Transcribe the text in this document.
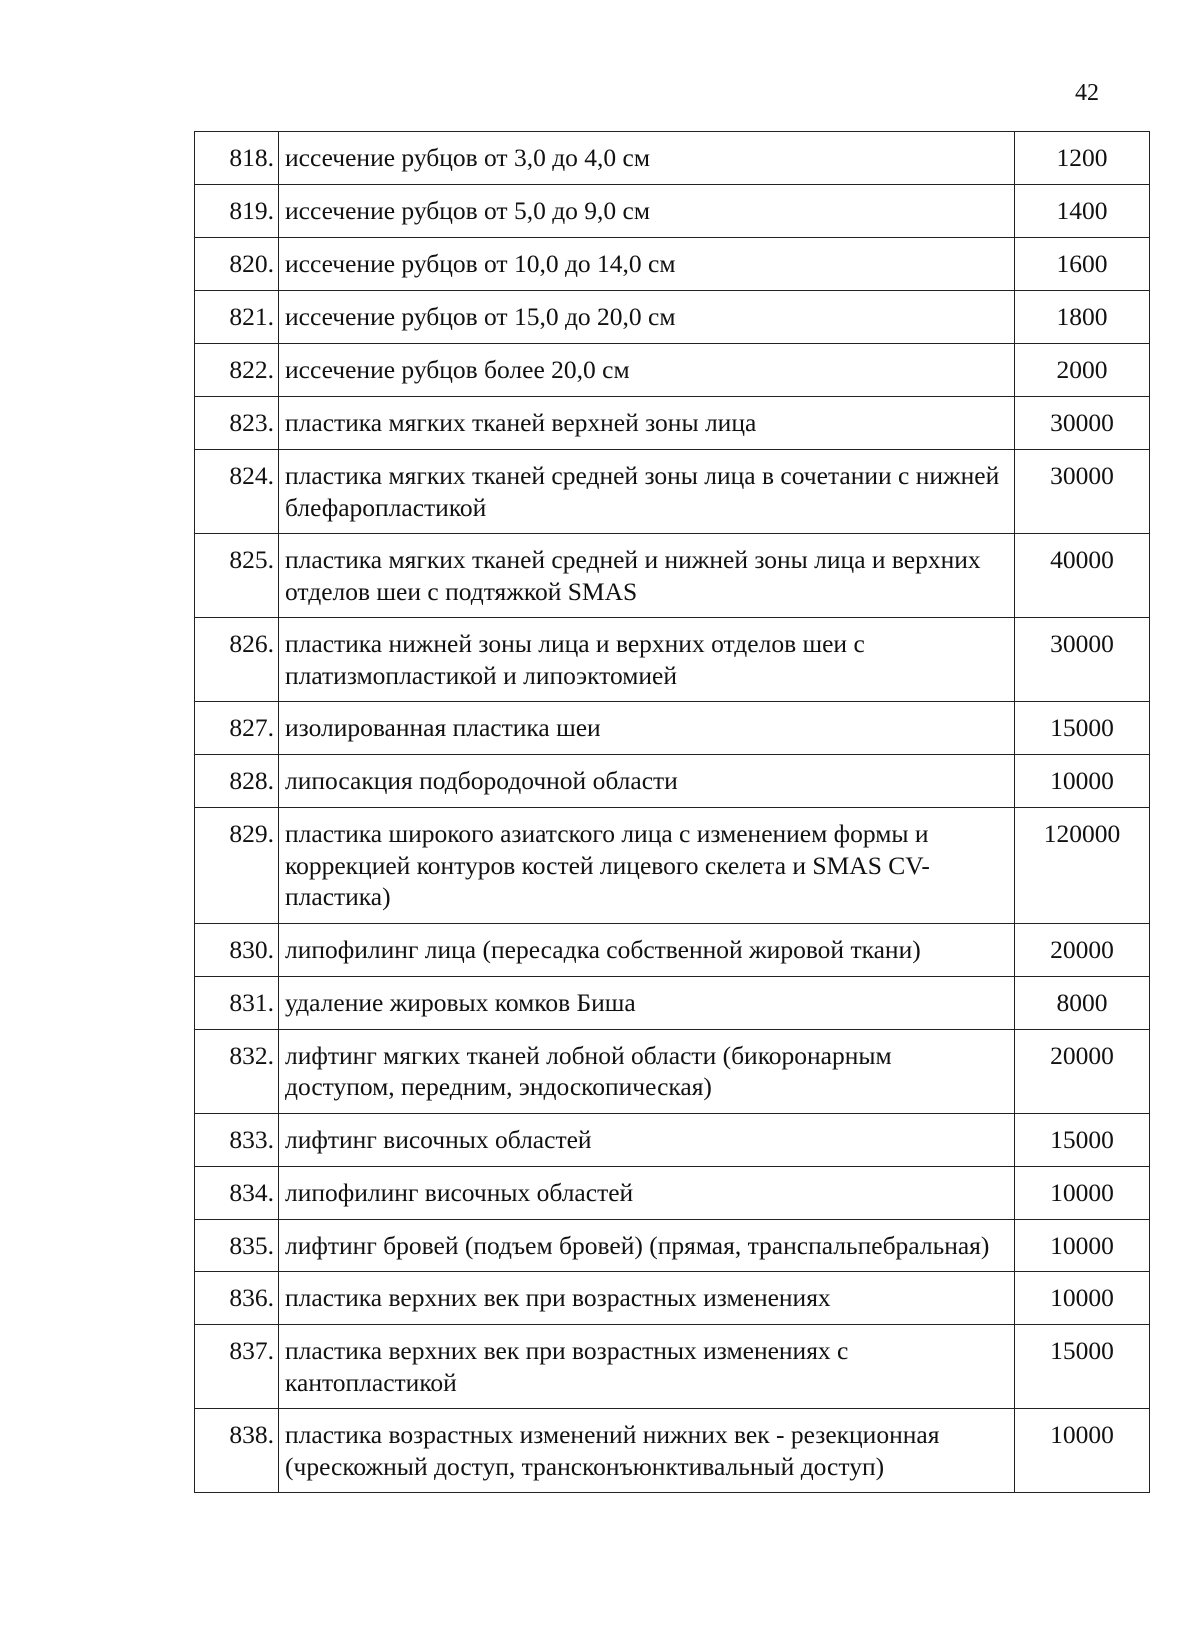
42
818.	иссечение рубцов от 3,0 до 4,0 см	1200
819.	иссечение рубцов от 5,0 до 9,0 см	1400
820.	иссечение рубцов от 10,0 до 14,0 см	1600
821.	иссечение рубцов от 15,0 до 20,0 см	1800
822.	иссечение рубцов более 20,0 см	2000
823.	пластика мягких тканей верхней зоны лица	30000
824.	пластика мягких тканей средней зоны лица в сочетании с нижней блефаропластикой	30000
825.	пластика мягких тканей средней и нижней зоны лица и верхних отделов шеи с подтяжкой SMAS	40000
826.	пластика нижней зоны лица и верхних отделов шеи с платизмопластикой и липоэктомией	30000
827.	изолированная пластика шеи	15000
828.	липосакция подбородочной области	10000
829.	пластика широкого азиатского лица с изменением формы и коррекцией контуров костей лицевого скелета и SMAS CV-пластика)	120000
830.	липофилинг лица (пересадка собственной жировой ткани)	20000
831.	удаление жировых комков Биша	8000
832.	лифтинг мягких тканей лобной области (бикоронарным доступом, передним, эндоскопическая)	20000
833.	лифтинг височных областей	15000
834.	липофилинг височных областей	10000
835.	лифтинг бровей (подъем бровей) (прямая, транспальпебральная)	10000
836.	пластика верхних век при возрастных изменениях	10000
837.	пластика верхних век при возрастных изменениях с кантопластикой	15000
838.	пластика возрастных изменений нижних век - резекционная (чрескожный доступ, трансконъюнктивальный доступ)	10000
